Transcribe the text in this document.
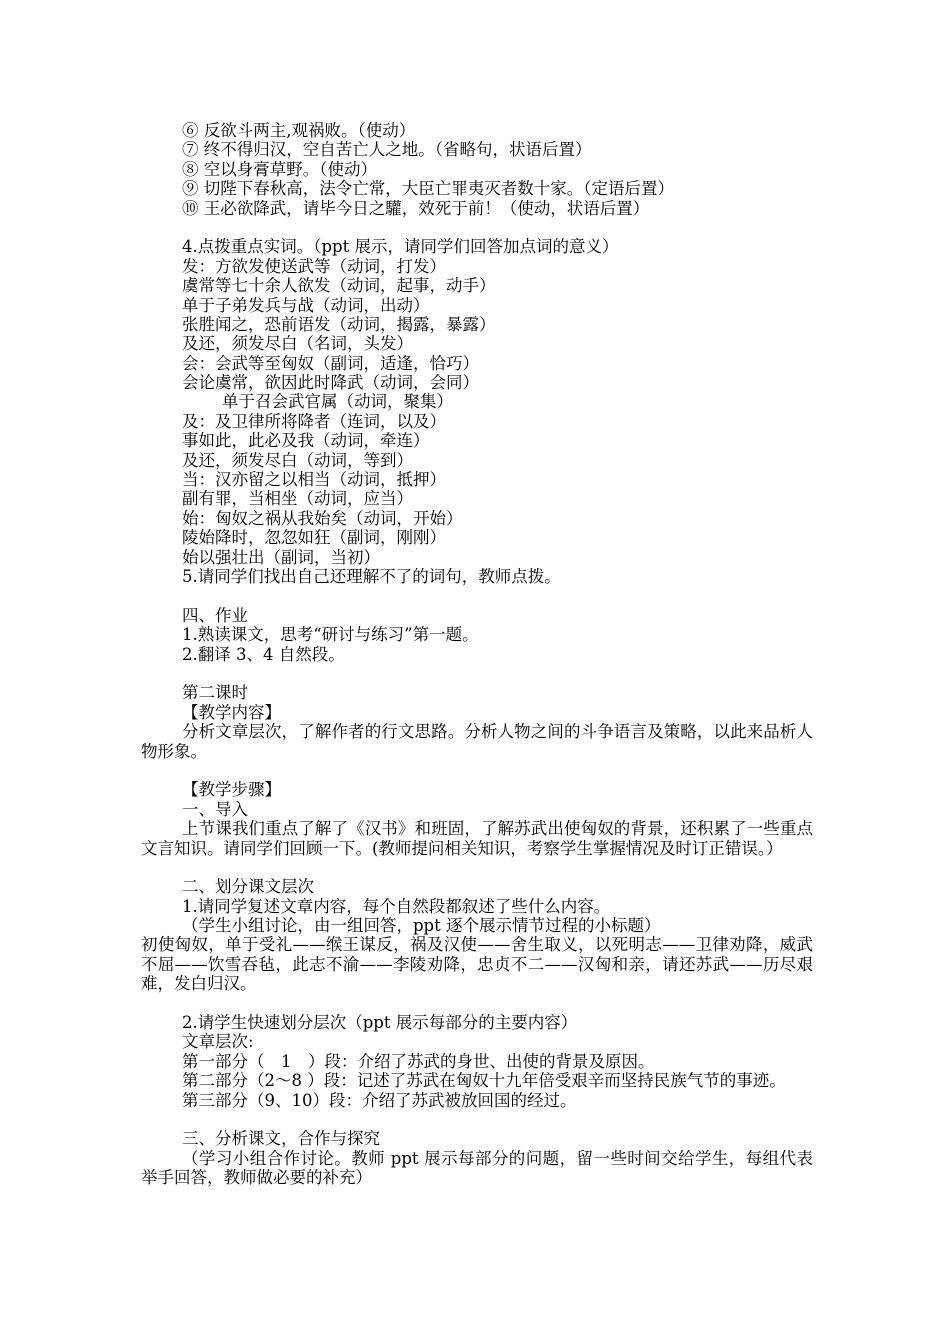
⑥ 反欲斗两主,观祸败。（使动）
⑦ 终不得归汉，空自苦亡人之地。（省略句，状语后置）
⑧ 空以身膏草野。（使动）
⑨ 切陛下春秋高，法令亡常，大臣亡罪夷灭者数十家。（定语后置）
⑩ 王必欲降武，请毕今日之驩，效死于前！（使动，状语后置）
4.点拨重点实词。（ppt 展示，请同学们回答加点词的意义）
发：方欲发使送武等（动词，打发）
虞常等七十余人欲发（动词，起事，动手）
单于子弟发兵与战（动词，出动）
张胜闻之，恐前语发（动词，揭露，暴露）
及还，须发尽白（名词，头发）
会：会武等至匈奴（副词，适逢，恰巧）
会论虞常，欲因此时降武（动词，会同）
单于召会武官属（动词，聚集）
及：及卫律所将降者（连词，以及）
事如此，此必及我（动词，牵连）
及还，须发尽白（动词，等到）
当：汉亦留之以相当（动词，抵押）
副有罪，当相坐（动词，应当）
始：匈奴之祸从我始矣（动词，开始）
陵始降时，忽忽如狂（副词，刚刚）
始以强壮出（副词，当初）
5.请同学们找出自己还理解不了的词句，教师点拨。
四、作业
1.熟读课文，思考“研讨与练习”第一题。
2.翻译 3、4 自然段。
第二课时
【教学内容】
分析文章层次，了解作者的行文思路。分析人物之间的斗争语言及策略，以此来品析人物形象。
【教学步骤】
一、导入
上节课我们重点了解了《汉书》和班固，了解苏武出使匈奴的背景，还积累了一些重点文言知识。请同学们回顾一下。(教师提问相关知识，考察学生掌握情况及时订正错误。）
二、划分课文层次
1.请同学复述文章内容，每个自然段都叙述了些什么内容。
（学生小组讨论，由一组回答，ppt 逐个展示情节过程的小标题）
初使匈奴，单于受礼——缑王谋反，祸及汉使——舍生取义，以死明志——卫律劝降，威武不屈——饮雪吞毡，此志不渝——李陵劝降，忠贞不二——汉匈和亲，请还苏武——历尽艰难，发白归汉。
2.请学生快速划分层次（ppt 展示每部分的主要内容）
文章层次:
第一部分（　1　）段：介绍了苏武的身世、出使的背景及原因。
第二部分（2～8 ）段：记述了苏武在匈奴十九年倍受艰辛而坚持民族气节的事迹。
第三部分（9、10）段：介绍了苏武被放回国的经过。
三、分析课文，合作与探究
（学习小组合作讨论。教师 ppt 展示每部分的问题，留一些时间交给学生，每组代表举手回答，教师做必要的补充）
